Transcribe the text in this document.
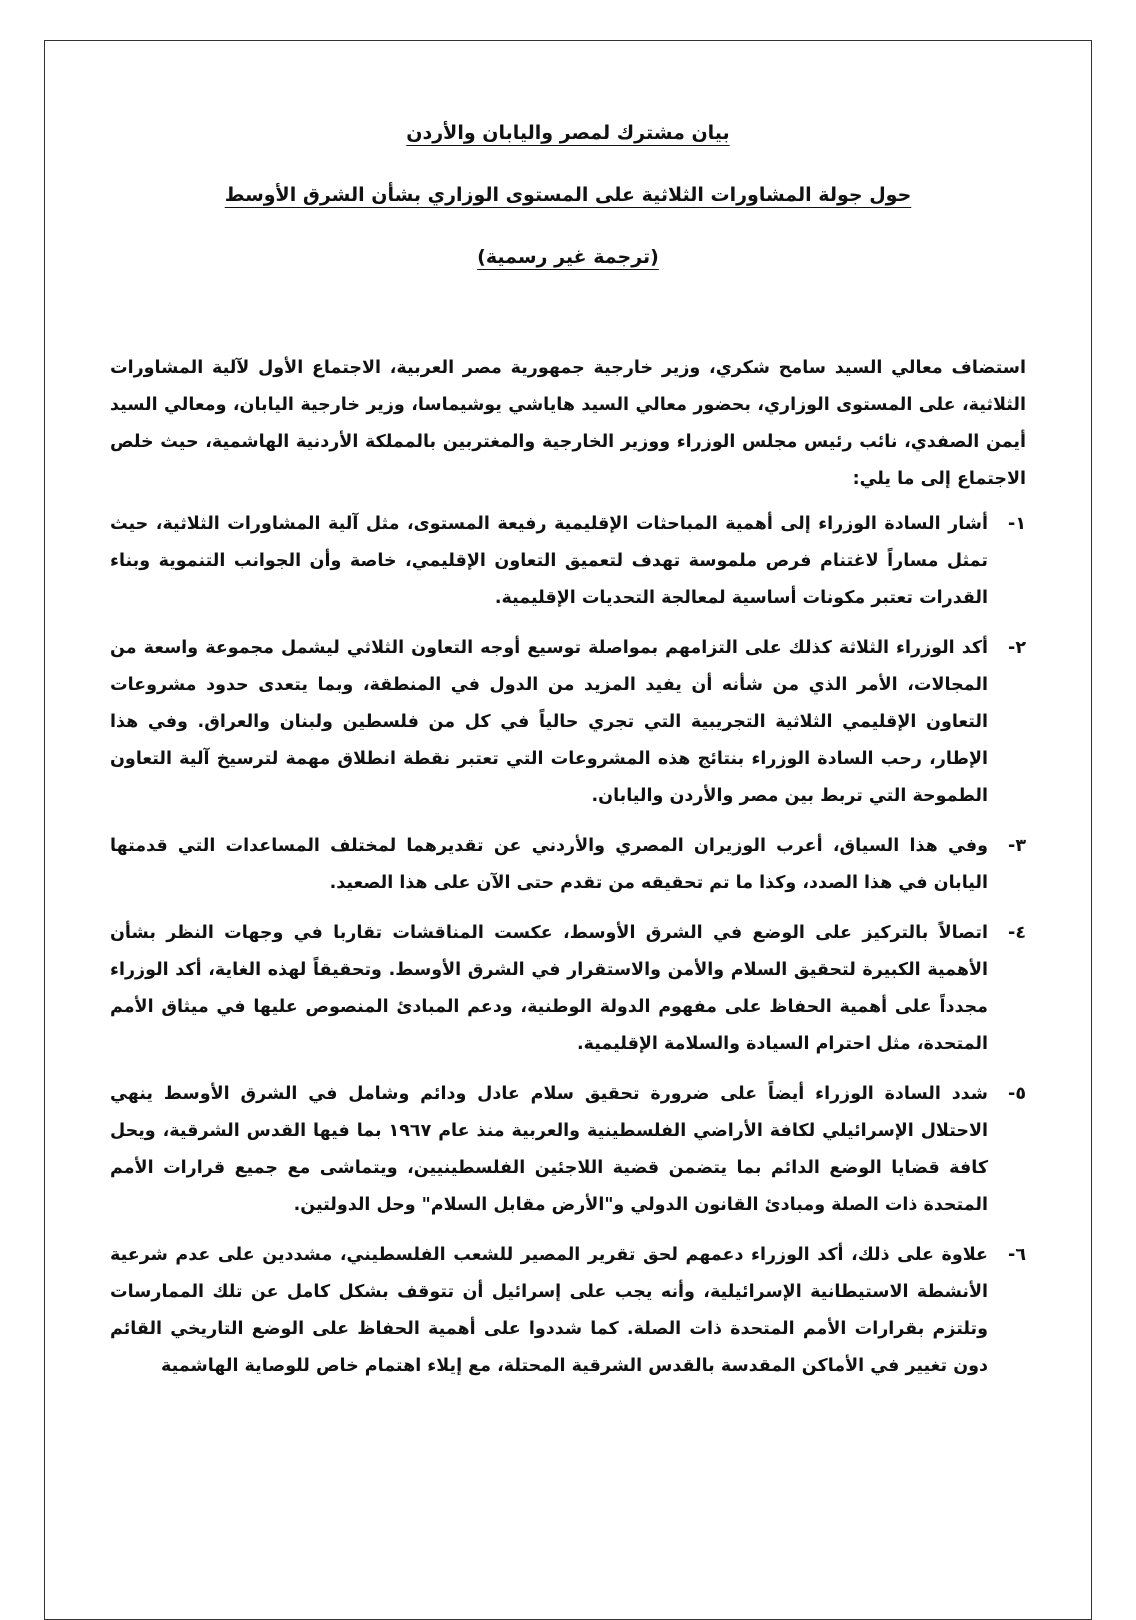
بيان مشترك لمصر واليابان والأردن
حول جولة المشاورات الثلاثية على المستوى الوزاري بشأن الشرق الأوسط
(ترجمة غير رسمية)

استضاف معالي السيد سامح شكري، وزير خارجية جمهورية مصر العربية، الاجتماع الأول لآلية المشاورات الثلاثية، على المستوى الوزاري، بحضور معالي السيد هاياشي يوشيماسا، وزير خارجية اليابان، ومعالي السيد أيمن الصفدي، نائب رئيس مجلس الوزراء ووزير الخارجية والمغتربين بالمملكة الأردنية الهاشمية، حيث خلص الاجتماع إلى ما يلي:

١-
أشار السادة الوزراء إلى أهمية المباحثات الإقليمية رفيعة المستوى، مثل آلية المشاورات الثلاثية، حيث تمثل مساراً لاغتنام فرص ملموسة تهدف لتعميق التعاون الإقليمي، خاصة وأن الجوانب التنموية وبناء القدرات تعتبر مكونات أساسية لمعالجة التحديات الإقليمية.
٢-
أكد الوزراء الثلاثة كذلك على التزامهم بمواصلة توسيع أوجه التعاون الثلاثي ليشمل مجموعة واسعة من المجالات، الأمر الذي من شأنه أن يفيد المزيد من الدول في المنطقة، وبما يتعدى حدود مشروعات التعاون الإقليمي الثلاثية التجريبية التي تجري حالياً في كل من فلسطين ولبنان والعراق. وفي هذا الإطار، رحب السادة الوزراء بنتائج هذه المشروعات التي تعتبر نقطة انطلاق مهمة لترسيخ آلية التعاون الطموحة التي تربط بين مصر والأردن واليابان.
٣-
وفي هذا السياق، أعرب الوزيران المصري والأردني عن تقديرهما لمختلف المساعدات التي قدمتها اليابان في هذا الصدد، وكذا ما تم تحقيقه من تقدم حتى الآن على هذا الصعيد.
٤-
اتصالاً بالتركيز على الوضع في الشرق الأوسط، عكست المناقشات تقاربا في وجهات النظر بشأن الأهمية الكبيرة لتحقيق السلام والأمن والاستقرار في الشرق الأوسط. وتحقيقاً لهذه الغاية، أكد الوزراء مجدداً على أهمية الحفاظ على مفهوم الدولة الوطنية، ودعم المبادئ المنصوص عليها في ميثاق الأمم المتحدة، مثل احترام السيادة والسلامة الإقليمية.
٥-
شدد السادة الوزراء أيضاً على ضرورة تحقيق سلام عادل ودائم وشامل في الشرق الأوسط ينهي الاحتلال الإسرائيلي لكافة الأراضي الفلسطينية والعربية منذ عام ١٩٦٧ بما فيها القدس الشرقية، ويحل كافة قضايا الوضع الدائم بما يتضمن قضية اللاجئين الفلسطينيين، ويتماشى مع جميع قرارات الأمم المتحدة ذات الصلة ومبادئ القانون الدولي و"الأرض مقابل السلام" وحل الدولتين.
٦-
علاوة على ذلك، أكد الوزراء دعمهم لحق تقرير المصير للشعب الفلسطيني، مشددين على عدم شرعية الأنشطة الاستيطانية الإسرائيلية، وأنه يجب على إسرائيل أن تتوقف بشكل كامل عن تلك الممارسات وتلتزم بقرارات الأمم المتحدة ذات الصلة. كما شددوا على أهمية الحفاظ على الوضع التاريخي القائم دون تغيير في الأماكن المقدسة بالقدس الشرقية المحتلة، مع إيلاء اهتمام خاص للوصاية الهاشمية
